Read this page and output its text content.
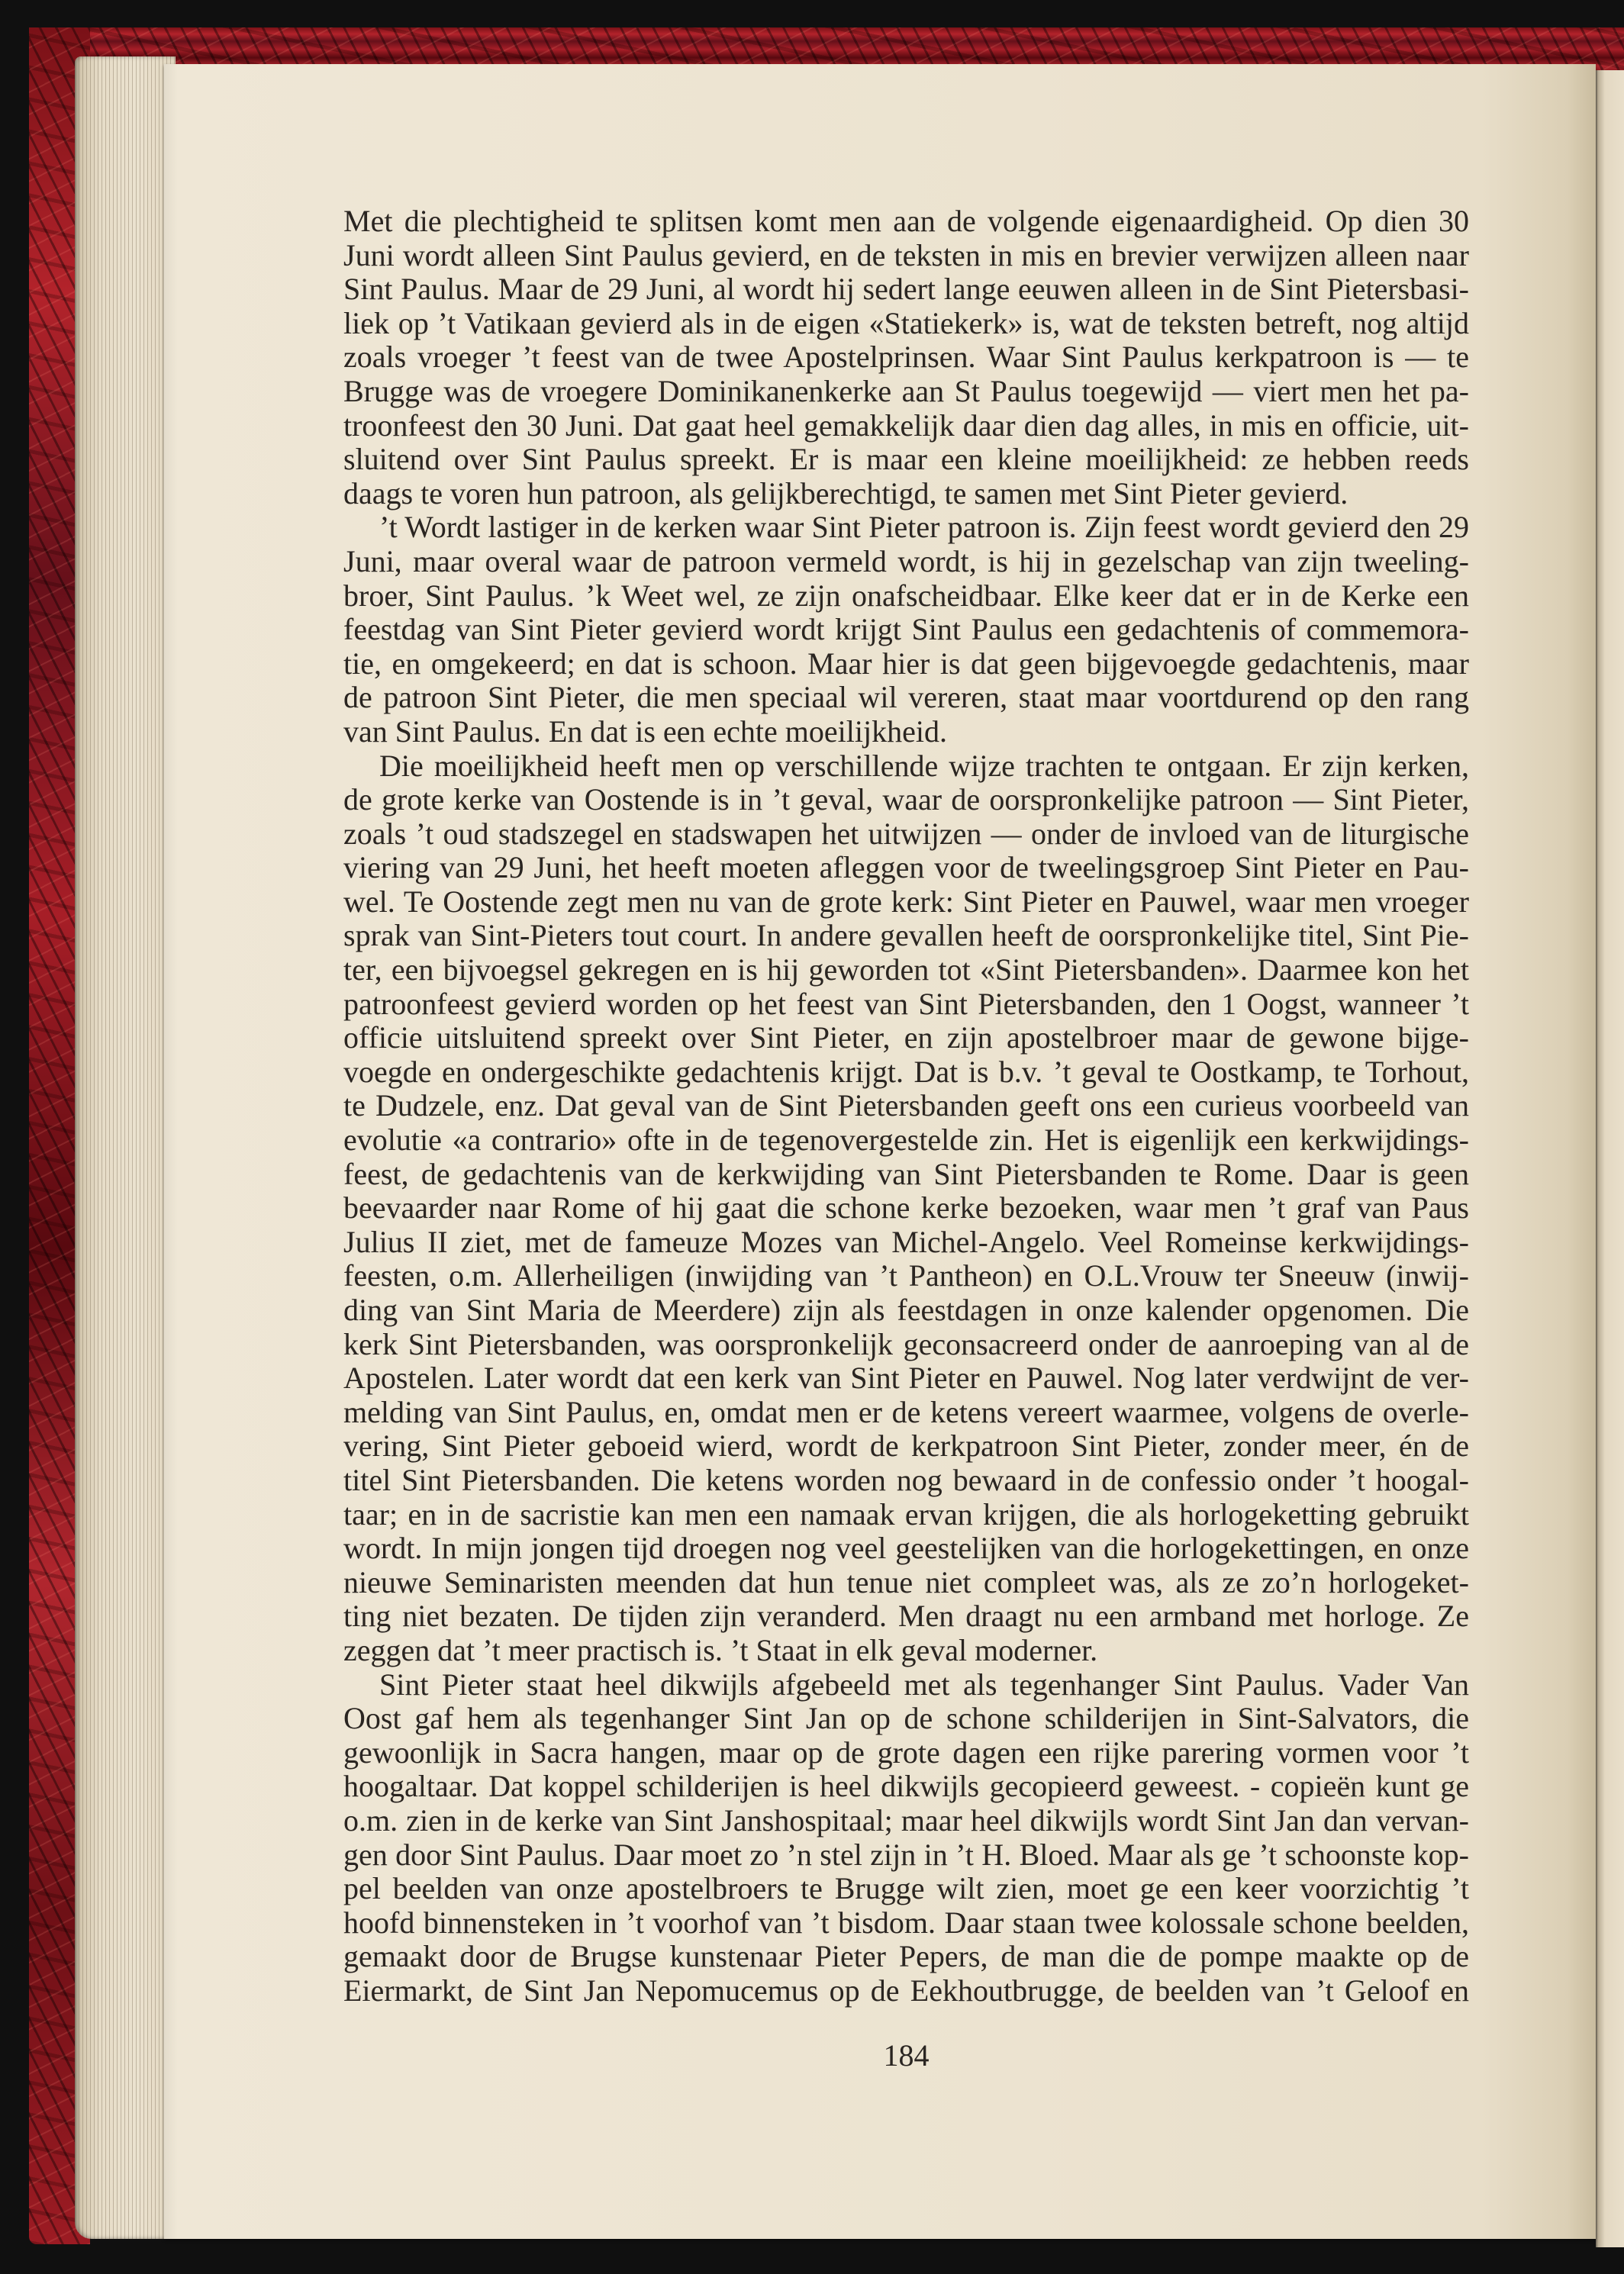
Met die plechtigheid te splitsen komt men aan de volgende eigenaardigheid. Op dien 30
Juni wordt alleen Sint Paulus gevierd, en de teksten in mis en brevier verwijzen alleen naar
Sint Paulus. Maar de 29 Juni, al wordt hij sedert lange eeuwen alleen in de Sint Pietersbasi-
liek op ’t Vatikaan gevierd als in de eigen «Statiekerk» is, wat de teksten betreft, nog altijd
zoals vroeger ’t feest van de twee Apostelprinsen. Waar Sint Paulus kerkpatroon is — te
Brugge was de vroegere Dominikanenkerke aan St Paulus toegewijd — viert men het pa-
troonfeest den 30 Juni. Dat gaat heel gemakkelijk daar dien dag alles, in mis en officie, uit-
sluitend over Sint Paulus spreekt. Er is maar een kleine moeilijkheid: ze hebben reeds
daags te voren hun patroon, als gelijkberechtigd, te samen met Sint Pieter gevierd.
’t Wordt lastiger in de kerken waar Sint Pieter patroon is. Zijn feest wordt gevierd den 29
Juni, maar overal waar de patroon vermeld wordt, is hij in gezelschap van zijn tweeling-
broer, Sint Paulus. ’k Weet wel, ze zijn onafscheidbaar. Elke keer dat er in de Kerke een
feestdag van Sint Pieter gevierd wordt krijgt Sint Paulus een gedachtenis of commemora-
tie, en omgekeerd; en dat is schoon. Maar hier is dat geen bijgevoegde gedachtenis, maar
de patroon Sint Pieter, die men speciaal wil vereren, staat maar voortdurend op den rang
van Sint Paulus. En dat is een echte moeilijkheid.
Die moeilijkheid heeft men op verschillende wijze trachten te ontgaan. Er zijn kerken,
de grote kerke van Oostende is in ’t geval, waar de oorspronkelijke patroon — Sint Pieter,
zoals ’t oud stadszegel en stadswapen het uitwijzen — onder de invloed van de liturgische
viering van 29 Juni, het heeft moeten afleggen voor de tweelingsgroep Sint Pieter en Pau-
wel. Te Oostende zegt men nu van de grote kerk: Sint Pieter en Pauwel, waar men vroeger
sprak van Sint-Pieters tout court. In andere gevallen heeft de oorspronkelijke titel, Sint Pie-
ter, een bijvoegsel gekregen en is hij geworden tot «Sint Pietersbanden». Daarmee kon het
patroonfeest gevierd worden op het feest van Sint Pietersbanden, den 1 Oogst, wanneer ’t
officie uitsluitend spreekt over Sint Pieter, en zijn apostelbroer maar de gewone bijge-
voegde en ondergeschikte gedachtenis krijgt. Dat is b.v. ’t geval te Oostkamp, te Torhout,
te Dudzele, enz. Dat geval van de Sint Pietersbanden geeft ons een curieus voorbeeld van
evolutie «a contrario» ofte in de tegenovergestelde zin. Het is eigenlijk een kerkwijdings-
feest, de gedachtenis van de kerkwijding van Sint Pietersbanden te Rome. Daar is geen
beevaarder naar Rome of hij gaat die schone kerke bezoeken, waar men ’t graf van Paus
Julius II ziet, met de fameuze Mozes van Michel-Angelo. Veel Romeinse kerkwijdings-
feesten, o.m. Allerheiligen (inwijding van ’t Pantheon) en O.L.Vrouw ter Sneeuw (inwij-
ding van Sint Maria de Meerdere) zijn als feestdagen in onze kalender opgenomen. Die
kerk Sint Pietersbanden, was oorspronkelijk geconsacreerd onder de aanroeping van al de
Apostelen. Later wordt dat een kerk van Sint Pieter en Pauwel. Nog later verdwijnt de ver-
melding van Sint Paulus, en, omdat men er de ketens vereert waarmee, volgens de overle-
vering, Sint Pieter geboeid wierd, wordt de kerkpatroon Sint Pieter, zonder meer, én de
titel Sint Pietersbanden. Die ketens worden nog bewaard in de confessio onder ’t hoogal-
taar; en in de sacristie kan men een namaak ervan krijgen, die als horlogeketting gebruikt
wordt. In mijn jongen tijd droegen nog veel geestelijken van die horlogekettingen, en onze
nieuwe Seminaristen meenden dat hun tenue niet compleet was, als ze zo’n horlogeket-
ting niet bezaten. De tijden zijn veranderd. Men draagt nu een armband met horloge. Ze
zeggen dat ’t meer practisch is. ’t Staat in elk geval moderner.
Sint Pieter staat heel dikwijls afgebeeld met als tegenhanger Sint Paulus. Vader Van
Oost gaf hem als tegenhanger Sint Jan op de schone schilderijen in Sint-Salvators, die
gewoonlijk in Sacra hangen, maar op de grote dagen een rijke parering vormen voor ’t
hoogaltaar. Dat koppel schilderijen is heel dikwijls gecopieerd geweest. - copieën kunt ge
o.m. zien in de kerke van Sint Janshospitaal; maar heel dikwijls wordt Sint Jan dan vervan-
gen door Sint Paulus. Daar moet zo ’n stel zijn in ’t H. Bloed. Maar als ge ’t schoonste kop-
pel beelden van onze apostelbroers te Brugge wilt zien, moet ge een keer voorzichtig ’t
hoofd binnensteken in ’t voorhof van ’t bisdom. Daar staan twee kolossale schone beelden,
gemaakt door de Brugse kunstenaar Pieter Pepers, de man die de pompe maakte op de
Eiermarkt, de Sint Jan Nepomucemus op de Eekhoutbrugge, de beelden van ’t Geloof en
184
